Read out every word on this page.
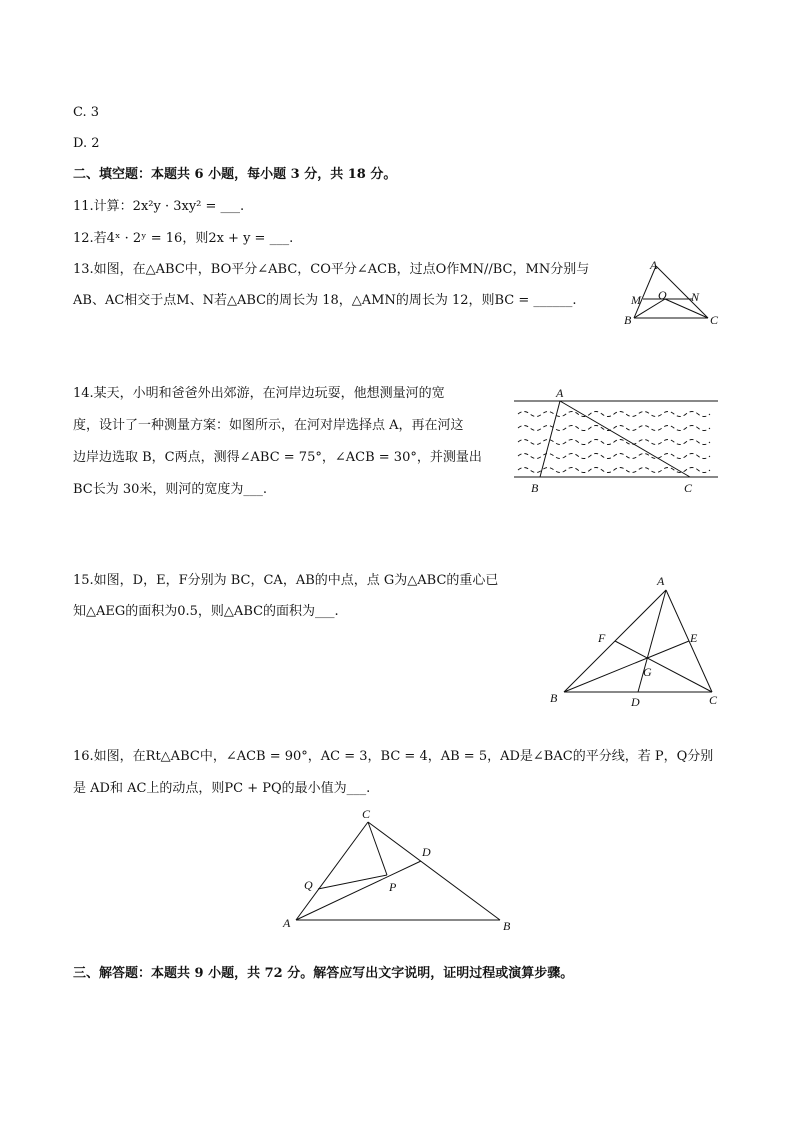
C. 3
D. 2
二、填空题：本题共 6 小题，每小题 3 分，共 18 分。
11.计算：2x²y · 3xy² = ___.
12.若4ˣ · 2ʸ = 16，则2x + y = ___.
13.如图，在△ABC中，BO平分∠ABC，CO平分∠ACB，过点O作MN//BC，MN分别与
AB、AC相交于点M、N若△ABC的周长为 18，△AMN的周长为 12，则BC = ______.
A
M O N
B	C
14.某天，小明和爸爸外出郊游，在河岸边玩耍，他想测量河的宽
度，设计了一种测量方案：如图所示，在河对岸选择点 A，再在河这
边岸边选取 B，C两点，测得∠ABC = 75°，∠ACB = 30°，并测量出
BC长为 30米，则河的宽度为___.
A
B	C
15.如图，D，E，F分别为 BC，CA，AB的中点，点 G为△ABC的重心已
知△AEG的面积为0.5，则△ABC的面积为___.
A
F	E
G
B	D	C
16.如图，在Rt△ABC中，∠ACB = 90°，AC = 3，BC = 4，AB = 5，AD是∠BAC的平分线，若 P，Q分别
是 AD和 AC上的动点，则PC + PQ的最小值为___.
C
D
Q	P
A	B
三、解答题：本题共 9 小题，共 72 分。解答应写出文字说明，证明过程或演算步骤。
